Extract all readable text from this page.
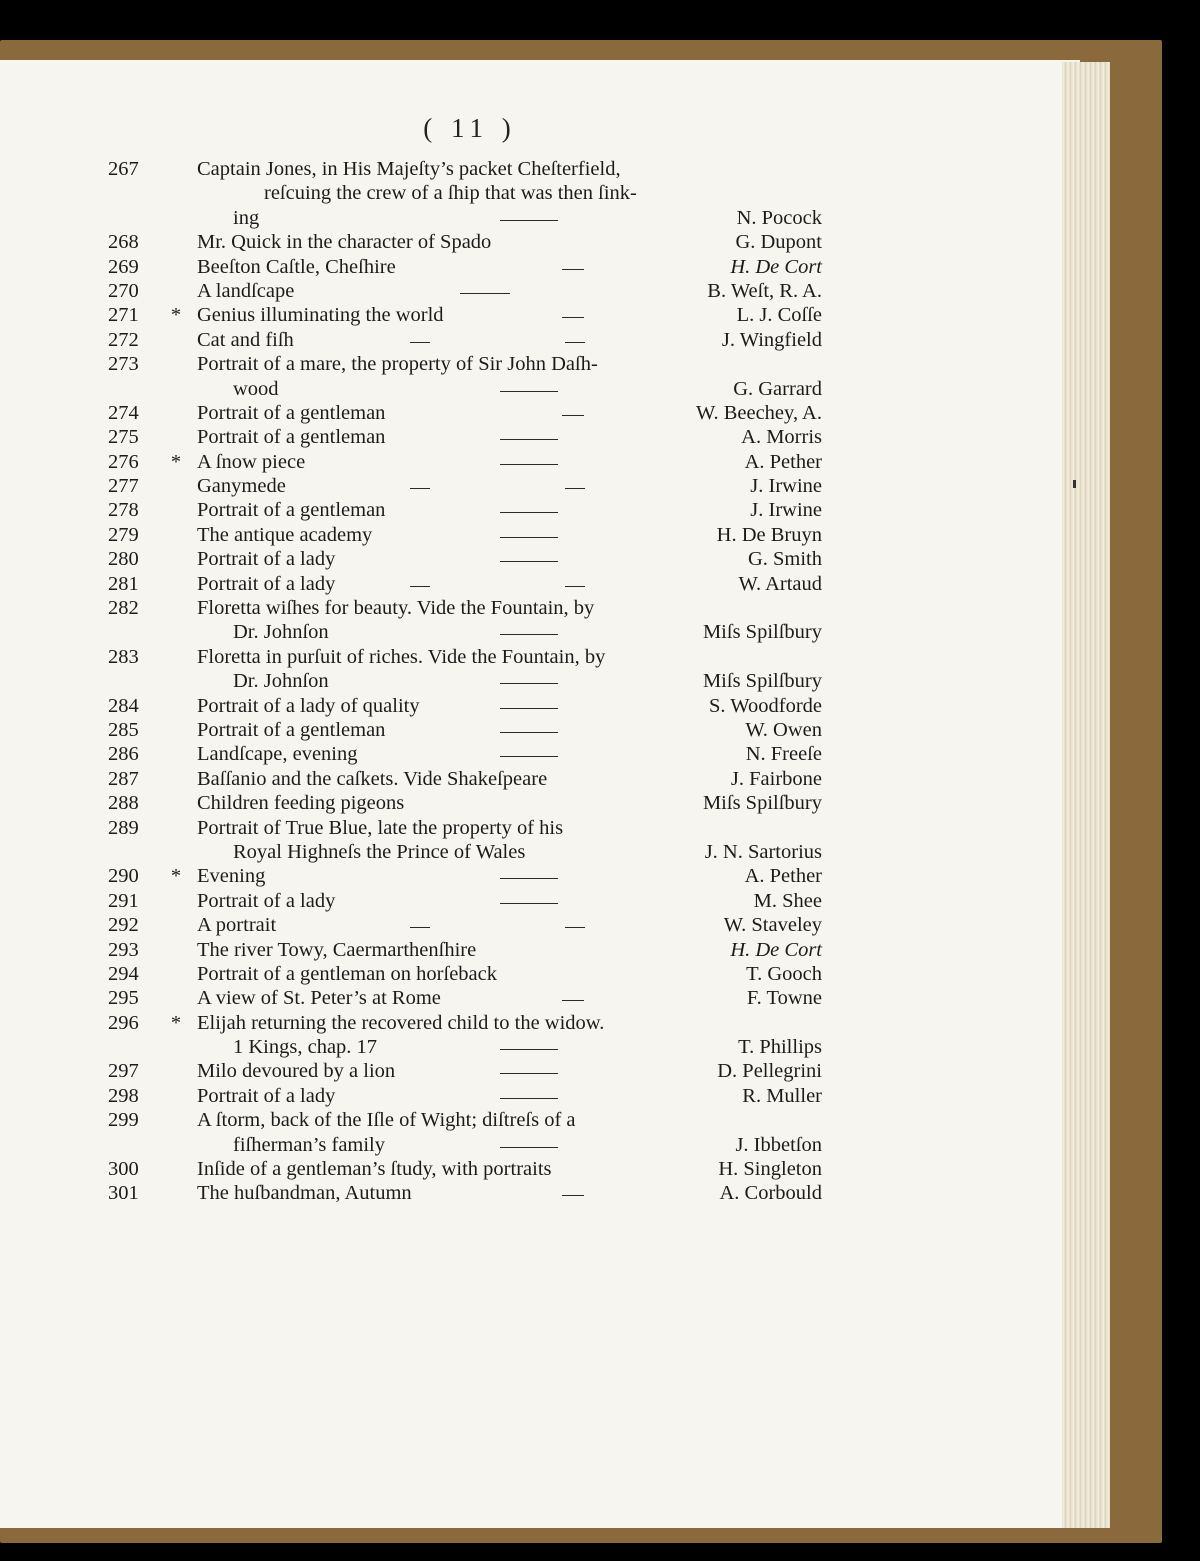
( 11 )
267	Captain Jones, in His Majeſty’s packet Cheſterfield,
reſcuing the crew of a ſhip that was then ſink-
ing	N. Pocock
268	Mr. Quick in the character of Spado	G. Dupont
269	Beeſton Caſtle, Cheſhire	H. De Cort
270	A landſcape	B. Weſt, R. A.
271	* Genius illuminating the world	L. J. Coſſe
272	Cat and fiſh	J. Wingfield
273	Portrait of a mare, the property of Sir John Daſh-
wood	G. Garrard
274	Portrait of a gentleman	W. Beechey, A.
275	Portrait of a gentleman	A. Morris
276	* A ſnow piece	A. Pether
277	Ganymede	J. Irwine
278	Portrait of a gentleman	J. Irwine
279	The antique academy	H. De Bruyn
280	Portrait of a lady	G. Smith
281	Portrait of a lady	W. Artaud
282	Floretta wiſhes for beauty. Vide the Fountain, by
Dr. Johnſon	Miſs Spilſbury
283	Floretta in purſuit of riches. Vide the Fountain, by
Dr. Johnſon	Miſs Spilſbury
284	Portrait of a lady of quality	S. Woodforde
285	Portrait of a gentleman	W. Owen
286	Landſcape, evening	N. Freeſe
287	Baſſanio and the caſkets. Vide Shakeſpeare	J. Fairbone
288	Children feeding pigeons	Miſs Spilſbury
289	Portrait of True Blue, late the property of his
Royal Highneſs the Prince of Wales	J. N. Sartorius
290	* Evening	A. Pether
291	Portrait of a lady	M. Shee
292	A portrait	W. Staveley
293	The river Towy, Caermarthenſhire	H. De Cort
294	Portrait of a gentleman on horſeback	T. Gooch
295	A view of St. Peter’s at Rome	F. Towne
296	* Elijah returning the recovered child to the widow.
1 Kings, chap. 17	T. Phillips
297	Milo devoured by a lion	D. Pellegrini
298	Portrait of a lady	R. Muller
299	A ſtorm, back of the Iſle of Wight; diſtreſs of a
fiſherman’s family	J. Ibbetſon
300	Inſide of a gentleman’s ſtudy, with portraits	H. Singleton
301	The huſbandman, Autumn	A. Corbould
